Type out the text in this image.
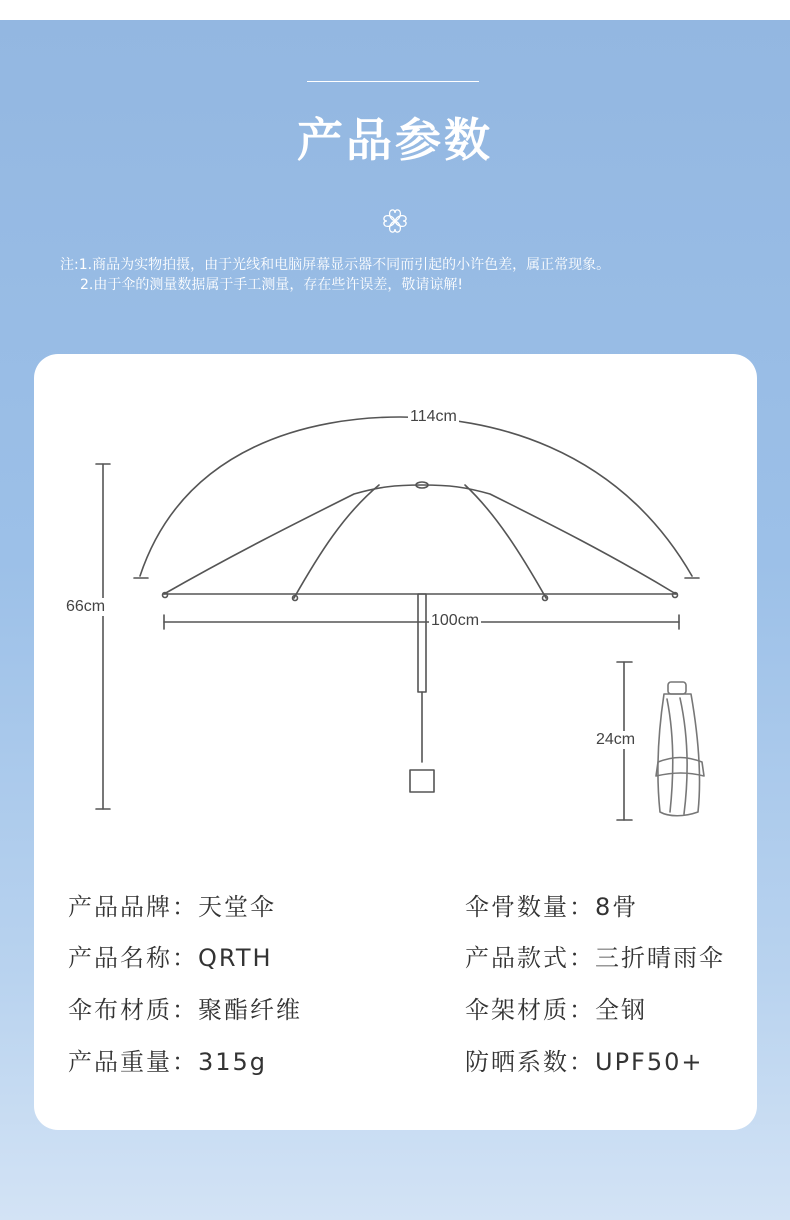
产品参数
注:1.商品为实物拍摄，由于光线和电脑屏幕显示器不同而引起的小许色差，属正常现象。
2.由于伞的测量数据属于手工测量，存在些许误差，敬请谅解!
114cm
66cm
100cm
24cm
产品品牌：天堂伞	伞骨数量：8骨
产品名称：QRTH	产品款式：三折晴雨伞
伞布材质：聚酯纤维	伞架材质：全钢
产品重量：315g	防晒系数：UPF50+
